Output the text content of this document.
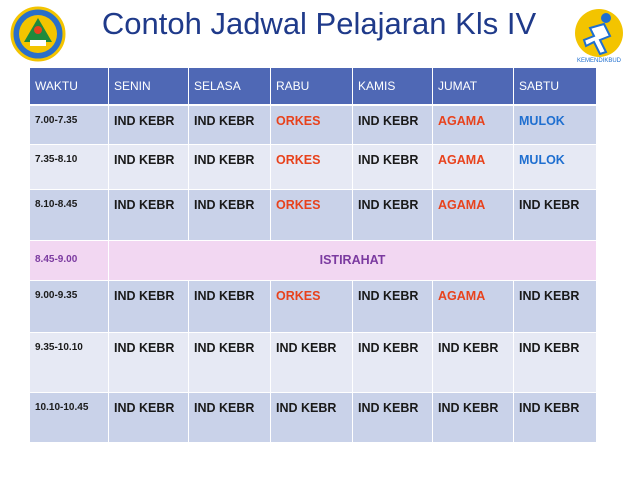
Contoh Jadwal Pelajaran Kls IV
KEMENDIKBUD
WAKTU	SENIN	SELASA	RABU	KAMIS	JUMAT	SABTU
7.00-7.35	IND KEBR	IND KEBR	ORKES	IND KEBR	AGAMA	MULOK
7.35-8.10	IND KEBR	IND KEBR	ORKES	IND KEBR	AGAMA	MULOK
8.10-8.45	IND KEBR	IND KEBR	ORKES	IND KEBR	AGAMA	IND KEBR
8.45-9.00	ISTIRAHAT					
9.00-9.35	IND KEBR	IND KEBR	ORKES	IND KEBR	AGAMA	IND KEBR
9.35-10.10	IND KEBR	IND KEBR	IND KEBR	IND KEBR	IND KEBR	IND KEBR
10.10-10.45	IND KEBR	IND KEBR	IND KEBR	IND KEBR	IND KEBR	IND KEBR
